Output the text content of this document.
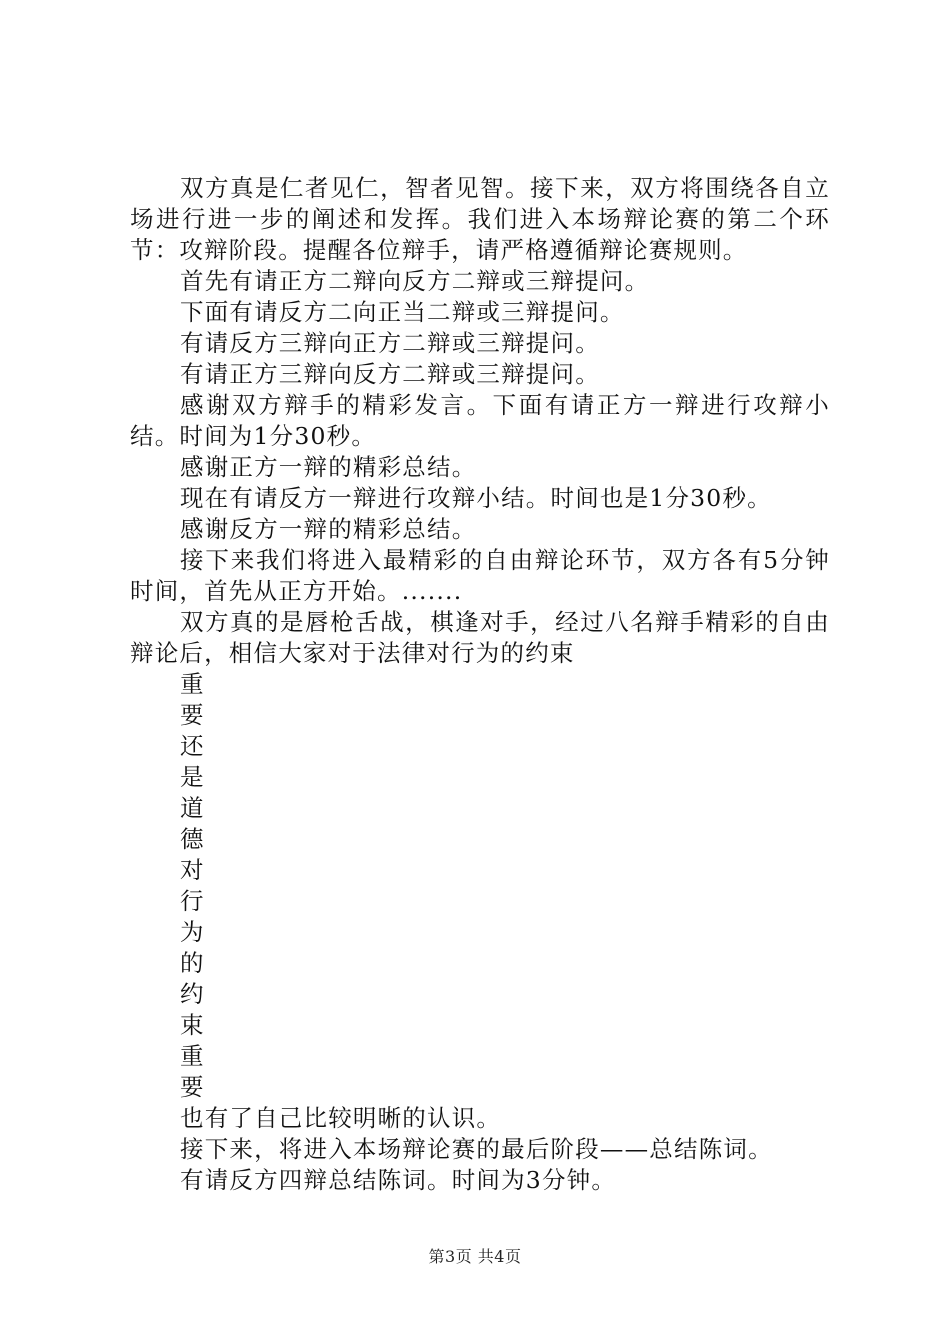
双方真是仁者见仁，智者见智。接下来，双方将围绕各自立场进行进一步的阐述和发挥。我们进入本场辩论赛的第二个环节：攻辩阶段。提醒各位辩手，请严格遵循辩论赛规则。

首先有请正方二辩向反方二辩或三辩提问。

下面有请反方二向正当二辩或三辩提问。

有请反方三辩向正方二辩或三辩提问。

有请正方三辩向反方二辩或三辩提问。

感谢双方辩手的精彩发言。下面有请正方一辩进行攻辩小结。时间为1分30秒。

感谢正方一辩的精彩总结。

现在有请反方一辩进行攻辩小结。时间也是1分30秒。

感谢反方一辩的精彩总结。

接下来我们将进入最精彩的自由辩论环节，双方各有5分钟时间，首先从正方开始。.......

双方真的是唇枪舌战，棋逢对手，经过八名辩手精彩的自由辩论后，相信大家对于法律对行为的约束

重
要
还
是
道
德
对
行
为
的
约
束
重
要

也有了自己比较明晰的认识。

接下来，将进入本场辩论赛的最后阶段——总结陈词。

有请反方四辩总结陈词。时间为3分钟。

第3页 共4页
